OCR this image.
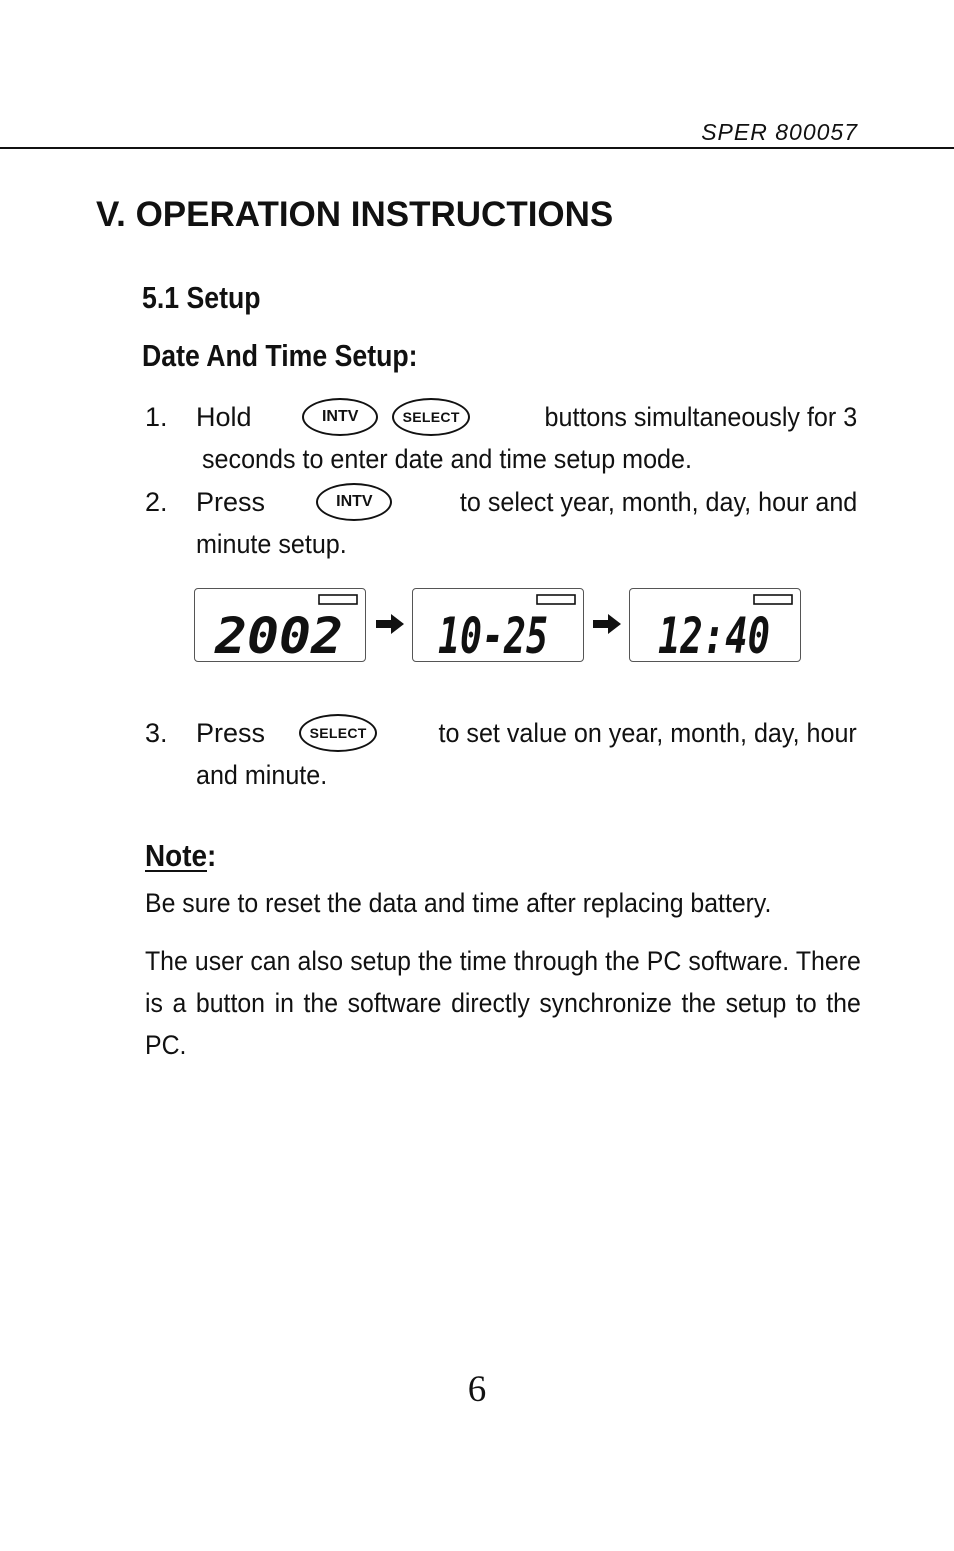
SPER 800057
V. OPERATION INSTRUCTIONS
5.1 Setup
Date And Time Setup:
1. Hold	INTV	SELECT	buttons simultaneously for 3
seconds to enter date and time setup mode.
2. Press	INTV	to select year, month, day, hour and
minute setup.
2002 10-25 12:40
3. Press	SELECT	to set value on year, month, day, hour
and minute.
Note:

Be sure to reset the data and time after replacing battery.

The user can also setup the time through the PC software. There is a button in the software directly synchronize the setup to the PC.

6
